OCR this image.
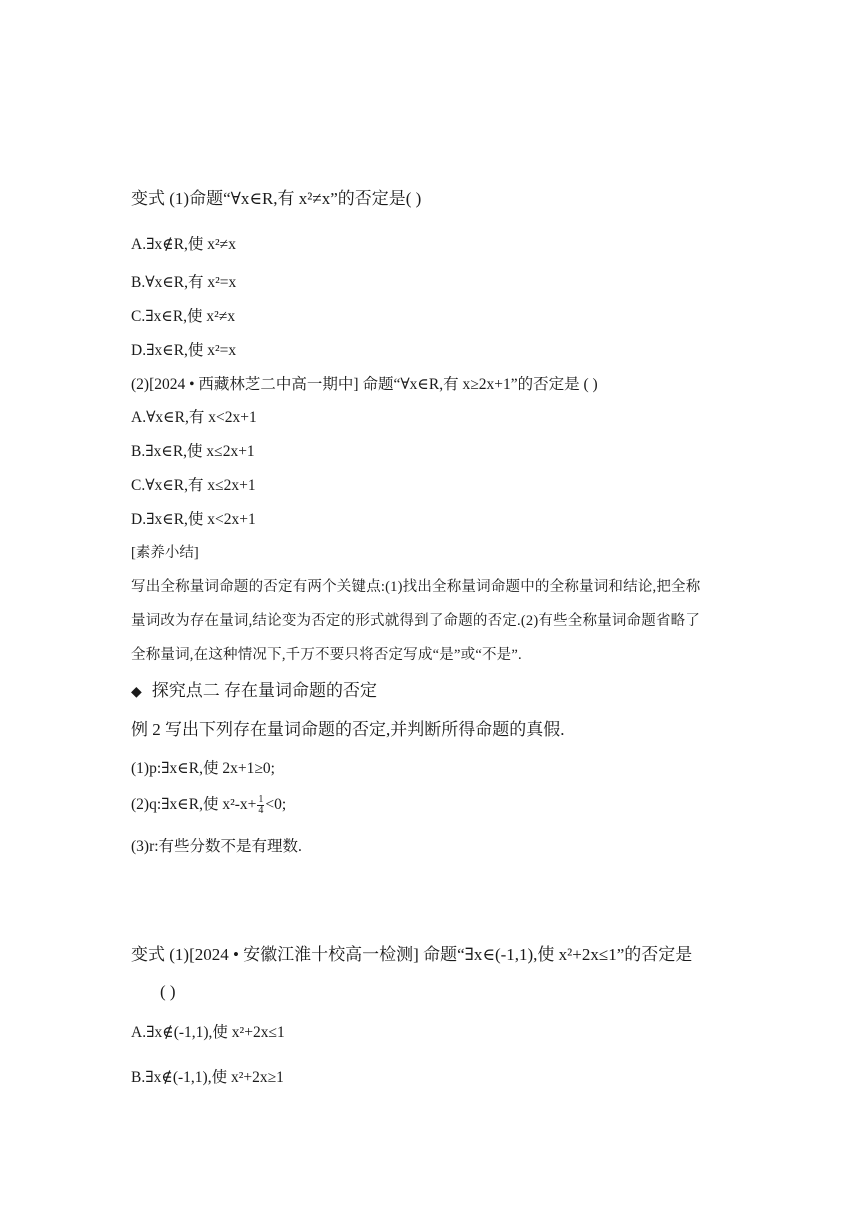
变式 (1)命题“∀x∈R,有 x²≠x”的否定是( )
A.∃x∉R,使 x²≠x
B.∀x∈R,有 x²=x
C.∃x∈R,使 x²≠x
D.∃x∈R,使 x²=x
(2)[2024 • 西藏林芝二中高一期中] 命题“∀x∈R,有 x≥2x+1”的否定是 ( )
A.∀x∈R,有 x<2x+1
B.∃x∈R,使 x≤2x+1
C.∀x∈R,有 x≤2x+1
D.∃x∈R,使 x<2x+1
[素养小结]
写出全称量词命题的否定有两个关键点:(1)找出全称量词命题中的全称量词和结论,把全称
量词改为存在量词,结论变为否定的形式就得到了命题的否定.(2)有些全称量词命题省略了
全称量词,在这种情况下,千万不要只将否定写成“是”或“不是”.
◆ 探究点二 存在量词命题的否定
例 2 写出下列存在量词命题的否定,并判断所得命题的真假.
(1)p:∃x∈R,使 2x+1≥0;
(2)q:∃x∈R,使 $x^2-x+ \frac{1}{4} <0$;
(3)r:有些分数不是有理数.
变式 (1)[2024 • 安徽江淮十校高一检测] 命题“∃x∈(-1,1),使 x²+2x≤1”的否定是
( )
A.∃x∉(-1,1),使 x²+2x≤1
B.∃x∉(-1,1),使 x²+2x≥1
